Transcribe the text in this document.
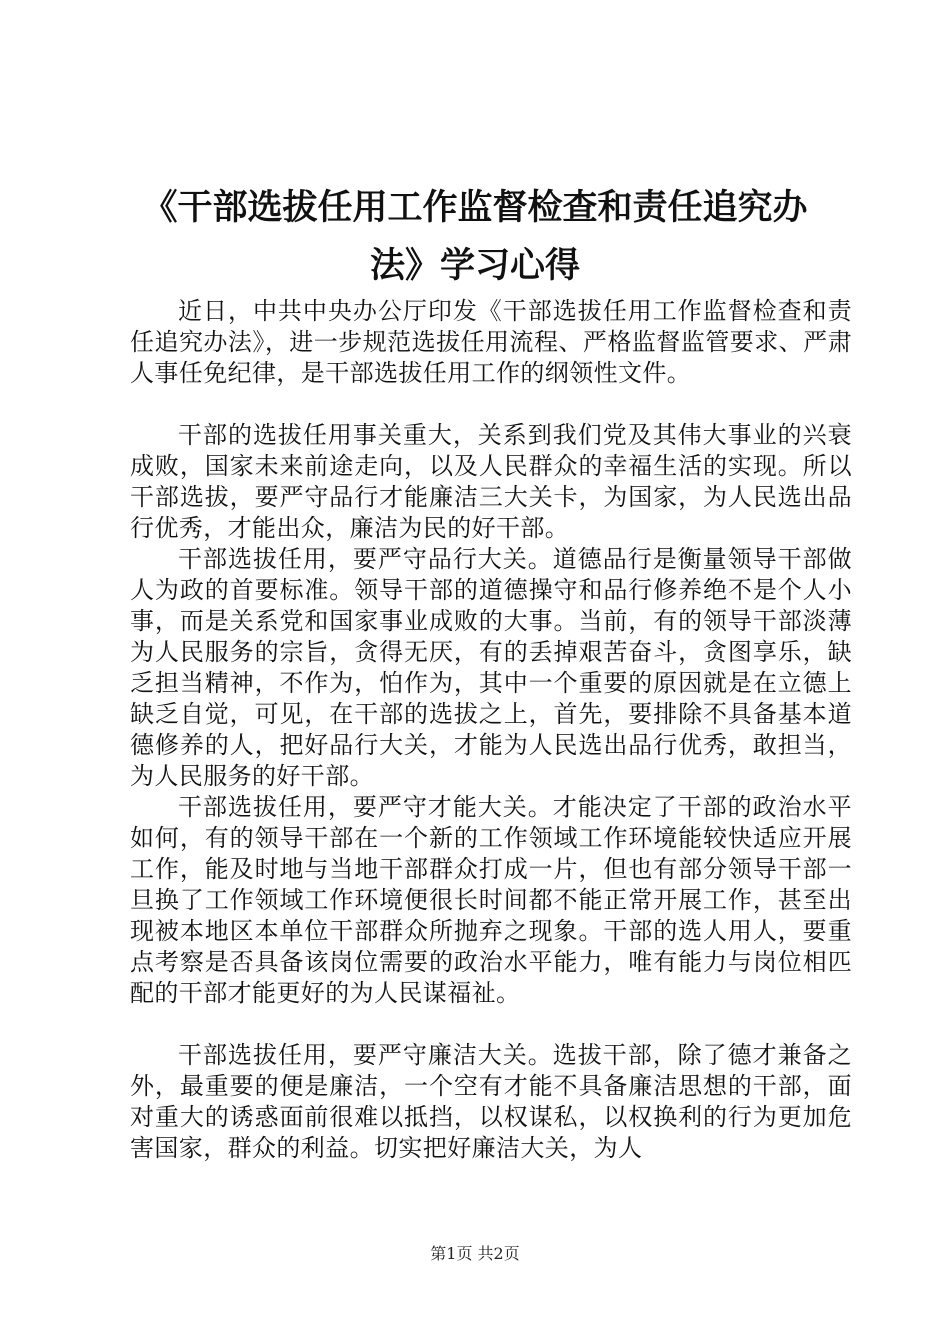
《干部选拔任用工作监督检查和责任追究办
法》学习心得

近日，中共中央办公厅印发《干部选拔任用工作监督检查和责任追究办法》，进一步规范选拔任用流程、严格监督监管要求、严肃人事任免纪律，是干部选拔任用工作的纲领性文件。

干部的选拔任用事关重大，关系到我们党及其伟大事业的兴衰成败，国家未来前途走向，以及人民群众的幸福生活的实现。所以干部选拔，要严守品行才能廉洁三大关卡，为国家，为人民选出品行优秀，才能出众，廉洁为民的好干部。

干部选拔任用，要严守品行大关。道德品行是衡量领导干部做人为政的首要标准。领导干部的道德操守和品行修养绝不是个人小事，而是关系党和国家事业成败的大事。当前，有的领导干部淡薄为人民服务的宗旨，贪得无厌，有的丢掉艰苦奋斗，贪图享乐，缺乏担当精神，不作为，怕作为，其中一个重要的原因就是在立德上缺乏自觉，可见，在干部的选拔之上，首先，要排除不具备基本道德修养的人，把好品行大关，才能为人民选出品行优秀，敢担当，为人民服务的好干部。

干部选拔任用，要严守才能大关。才能决定了干部的政治水平如何，有的领导干部在一个新的工作领域工作环境能较快适应开展工作，能及时地与当地干部群众打成一片，但也有部分领导干部一旦换了工作领域工作环境便很长时间都不能正常开展工作，甚至出现被本地区本单位干部群众所抛弃之现象。干部的选人用人，要重点考察是否具备该岗位需要的政治水平能力，唯有能力与岗位相匹配的干部才能更好的为人民谋福祉。

干部选拔任用，要严守廉洁大关。选拔干部，除了德才兼备之外，最重要的便是廉洁，一个空有才能不具备廉洁思想的干部，面对重大的诱惑面前很难以抵挡，以权谋私，以权换利的行为更加危害国家，群众的利益。切实把好廉洁大关，为人

第1页 共2页
